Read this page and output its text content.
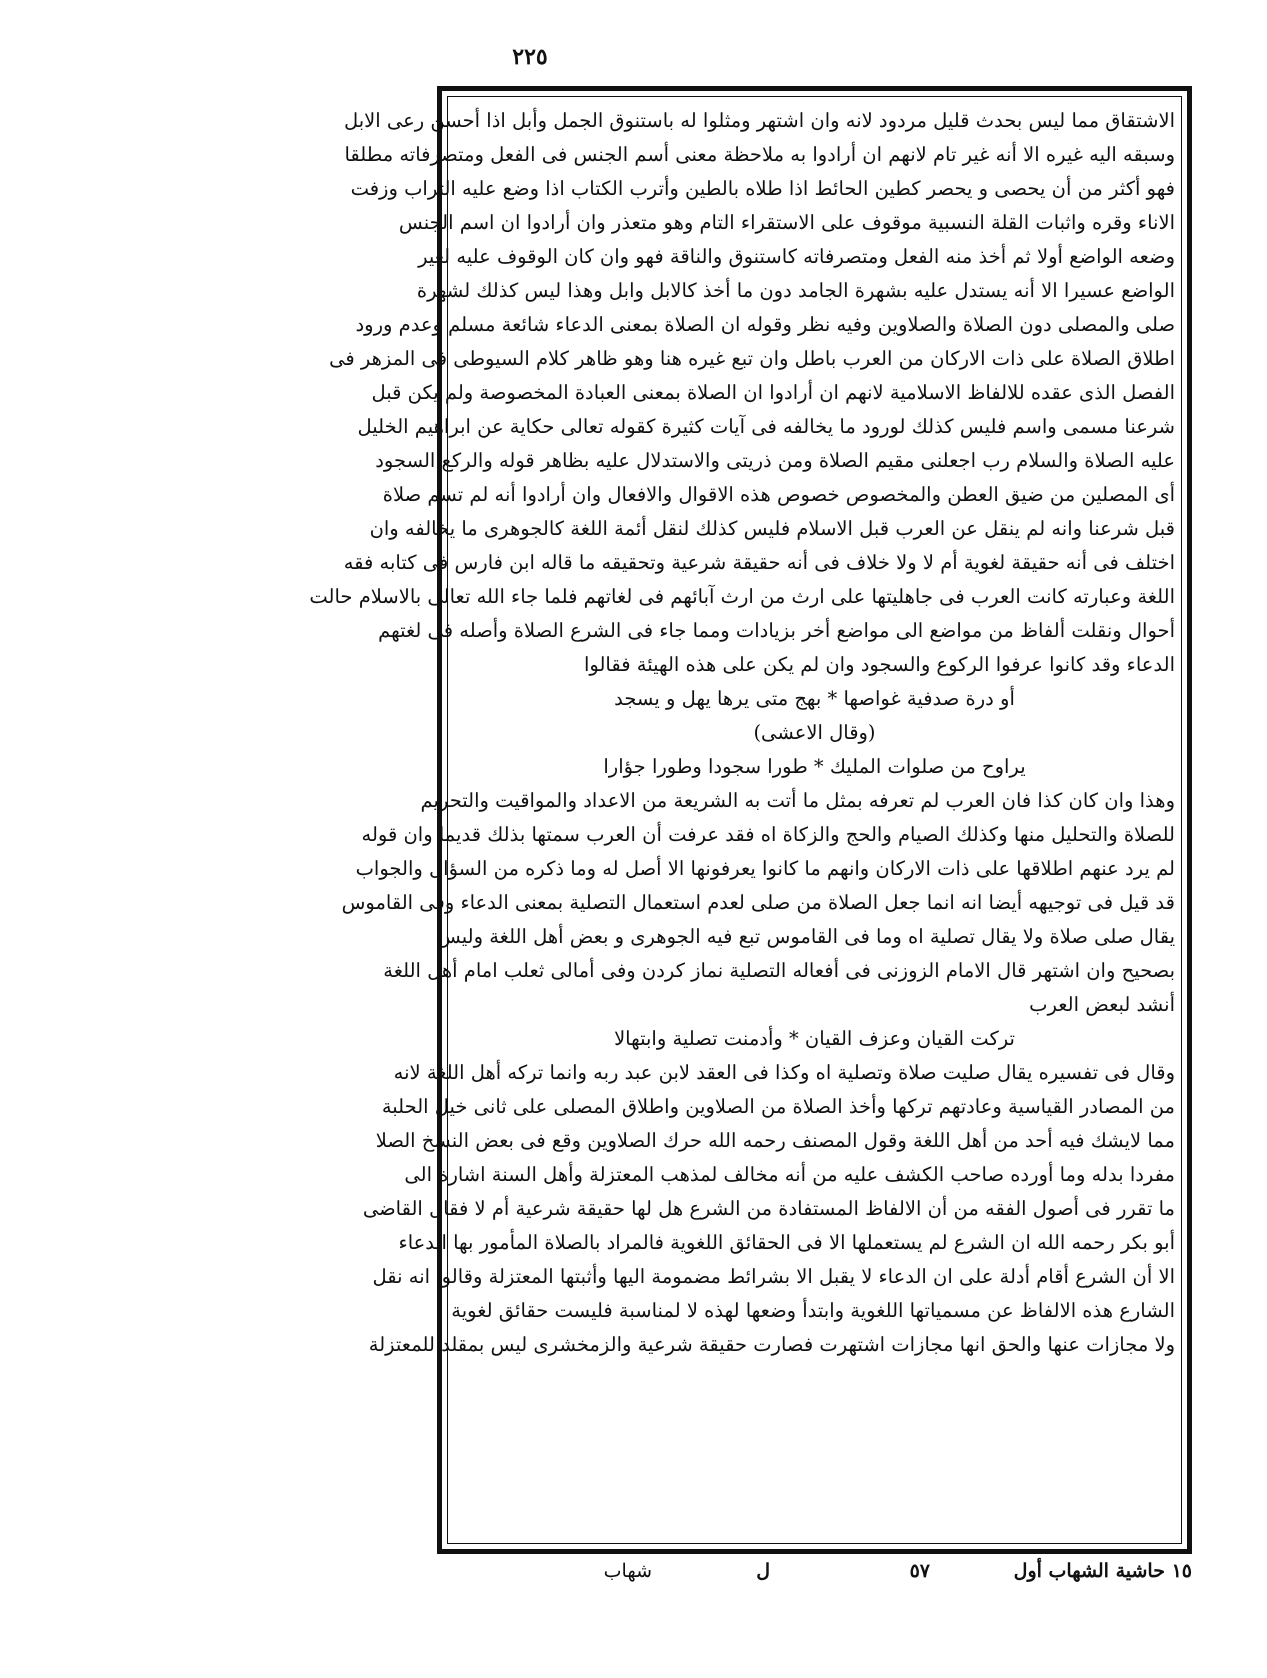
٢٢٥
الاشتقاق مما ليس بحدث قليل مردود لانه وان اشتهر ومثلوا له باستنوق الجمل وأبل اذا أحسن رعى الابل
وسبقه اليه غيره الا أنه غير تام لانهم ان أرادوا به ملاحظة معنى أسم الجنس فى الفعل ومتصرفاته مطلقا
فهو أكثر من أن يحصى و يحصر كطين الحائط اذا طلاه بالطين وأترب الكتاب اذا وضع عليه التراب وزفت
الاناء وقره واثبات القلة النسبية موقوف على الاستقراء التام وهو متعذر وان أرادوا ان اسم الجنس
وضعه الواضع أولا ثم أخذ منه الفعل ومتصرفاته كاستنوق والناقة فهو وان كان الوقوف عليه لغير
الواضع عسيرا الا أنه يستدل عليه بشهرة الجامد دون ما أخذ كالابل وابل وهذا ليس كذلك لشهرة
صلى والمصلى دون الصلاة والصلاوين وفيه نظر وقوله ان الصلاة بمعنى الدعاء شائعة مسلم وعدم ورود
اطلاق الصلاة على ذات الاركان من العرب باطل وان تبع غيره هنا وهو ظاهر كلام السيوطى فى المزهر فى
الفصل الذى عقده للالفاظ الاسلامية لانهم ان أرادوا ان الصلاة بمعنى العبادة المخصوصة ولم يكن قبل
شرعنا مسمى واسم فليس كذلك لورود ما يخالفه فى آيات كثيرة كقوله تعالى حكاية عن ابراهيم الخليل
عليه الصلاة والسلام رب اجعلنى مقيم الصلاة ومن ذريتى والاستدلال عليه بظاهر قوله والركع السجود
أى المصلين من ضيق العطن والمخصوص خصوص هذه الاقوال والافعال وان أرادوا أنه لم تسم صلاة
قبل شرعنا وانه لم ينقل عن العرب قبل الاسلام فليس كذلك لنقل أئمة اللغة كالجوهرى ما يخالفه وان
اختلف فى أنه حقيقة لغوية أم لا ولا خلاف فى أنه حقيقة شرعية وتحقيقه ما قاله ابن فارس فى كتابه فقه
اللغة وعبارته كانت العرب فى جاهليتها على ارث من ارث آبائهم فى لغاتهم فلما جاء الله تعالى بالاسلام حالت
أحوال ونقلت ألفاظ من مواضع الى مواضع أخر بزيادات ومما جاء فى الشرع الصلاة وأصله فى لغتهم
الدعاء وقد كانوا عرفوا الركوع والسجود وان لم يكن على هذه الهيئة فقالوا
أو درة صدفية غواصها * بهج متى يرها يهل و يسجد
(وقال الاعشى)
يراوح من صلوات المليك * طورا سجودا وطورا جؤارا
وهذا وان كان كذا فان العرب لم تعرفه بمثل ما أتت به الشريعة من الاعداد والمواقيت والتحريم
للصلاة والتحليل منها وكذلك الصيام والحج والزكاة اه فقد عرفت أن العرب سمتها بذلك قديما وان قوله
لم يرد عنهم اطلاقها على ذات الاركان وانهم ما كانوا يعرفونها الا أصل له وما ذكره من السؤال والجواب
قد قيل فى توجيهه أيضا انه انما جعل الصلاة من صلى لعدم استعمال التصلية بمعنى الدعاء وفى القاموس
يقال صلى صلاة ولا يقال تصلية اه وما فى القاموس تبع فيه الجوهرى و بعض أهل اللغة وليس
بصحيح وان اشتهر قال الامام الزوزنى فى أفعاله التصلية نماز كردن وفى أمالى ثعلب امام أهل اللغة
أنشد لبعض العرب
تركت القيان وعزف القيان * وأدمنت تصلية وابتهالا
وقال فى تفسيره يقال صليت صلاة وتصلية اه وكذا فى العقد لابن عبد ربه وانما تركه أهل اللغة لانه
من المصادر القياسية وعادتهم تركها وأخذ الصلاة من الصلاوين واطلاق المصلى على ثانى خيل الحلبة
مما لايشك فيه أحد من أهل اللغة وقول المصنف رحمه الله حرك الصلاوين وقع فى بعض النسخ الصلا
مفردا بدله وما أورده صاحب الكشف عليه من أنه مخالف لمذهب المعتزلة وأهل السنة اشارة الى
ما تقرر فى أصول الفقه من أن الالفاظ المستفادة من الشرع هل لها حقيقة شرعية أم لا فقال القاضى
أبو بكر رحمه الله ان الشرع لم يستعملها الا فى الحقائق اللغوية فالمراد بالصلاة المأمور بها الدعاء
الا أن الشرع أقام أدلة على ان الدعاء لا يقبل الا بشرائط مضمومة اليها وأثبتها المعتزلة وقالوا انه نقل
الشارع هذه الالفاظ عن مسمياتها اللغوية وابتدأ وضعها لهذه لا لمناسبة فليست حقائق لغوية
ولا مجازات عنها والحق انها مجازات اشتهرت فصارت حقيقة شرعية والزمخشرى ليس بمقلد للمعتزلة
١٥ حاشية الشهاب أول
٥٧
ل
شهاب
